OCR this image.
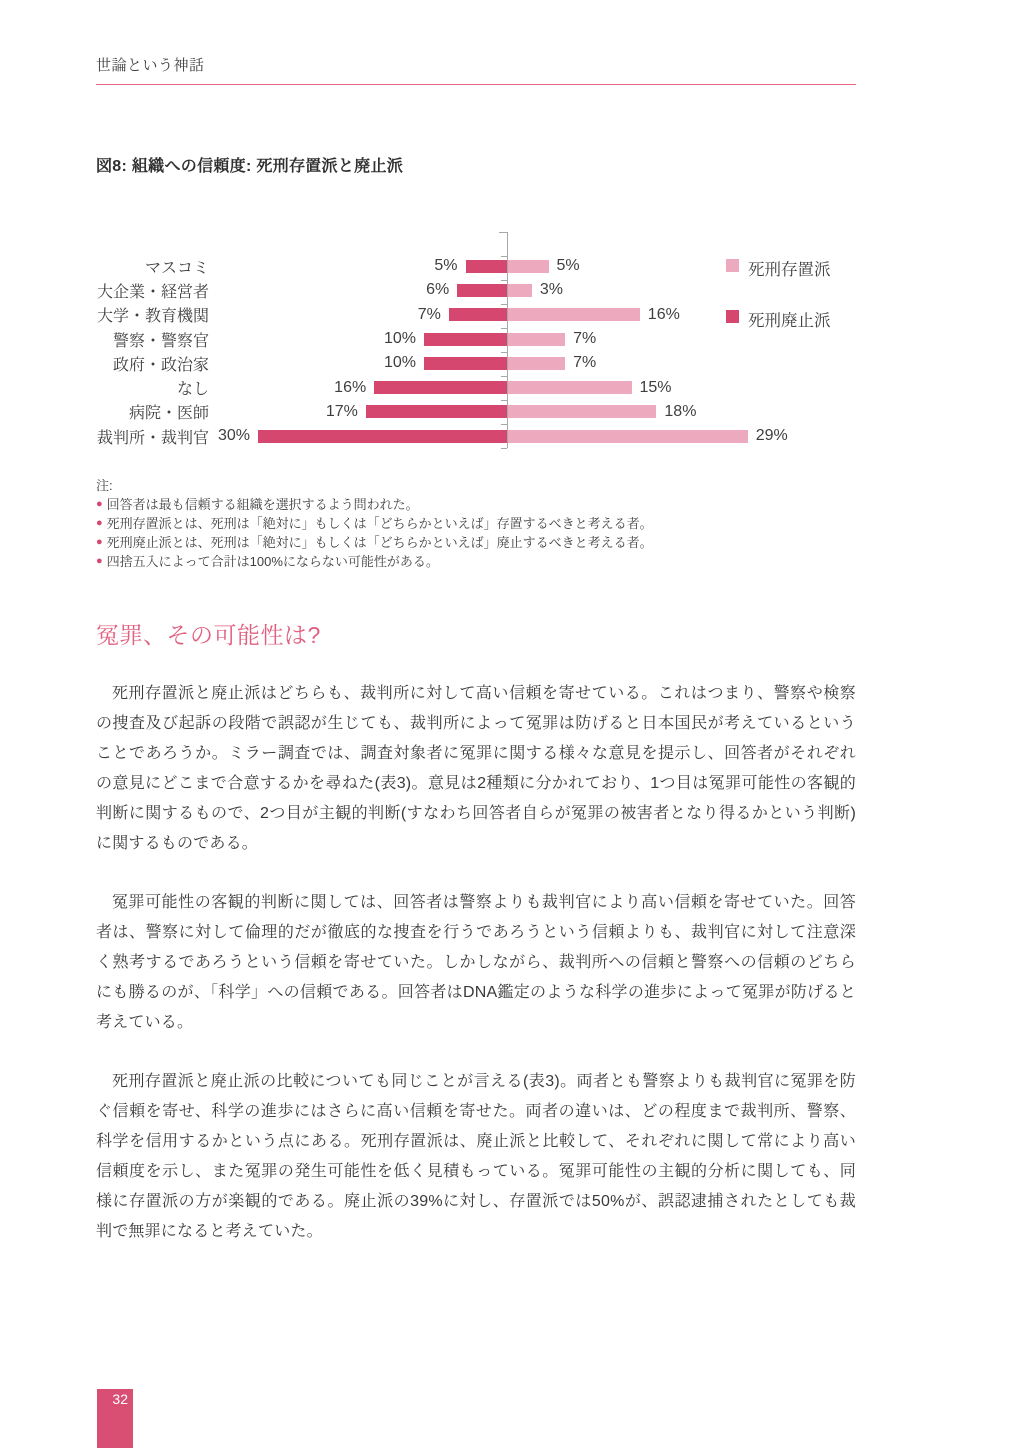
世論という神話
図8: 組織への信頼度: 死刑存置派と廃止派
マスコミ	5%	5%
大企業・経営者	6%	3%
大学・教育機関	7%	16%
警察・警察官	10%	7%
政府・政治家	10%	7%
なし	16%	15%
病院・医師	17%	18%
裁判所・裁判官 30%	29%
死刑存置派
死刑廃止派
注:
● 回答者は最も信頼する組織を選択するよう問われた。
● 死刑存置派とは、死刑は「絶対に」もしくは「どちらかといえば」存置するべきと考える者。
● 死刑廃止派とは、死刑は「絶対に」もしくは「どちらかといえば」廃止するべきと考える者。
● 四捨五入によって合計は100%にならない可能性がある。
冤罪、その可能性は?
死刑存置派と廃止派はどちらも、裁判所に対して高い信頼を寄せている。これはつまり、警察や検察の捜査及び起訴の段階で誤認が生じても、裁判所によって冤罪は防げると日本国民が考えているということであろうか。ミラー調査では、調査対象者に冤罪に関する様々な意見を提示し、回答者がそれぞれの意見にどこまで合意するかを尋ねた(表3)。意見は2種類に分かれており、1つ目は冤罪可能性の客観的判断に関するもので、2つ目が主観的判断(すなわち回答者自らが冤罪の被害者となり得るかという判断)に関するものである。
冤罪可能性の客観的判断に関しては、回答者は警察よりも裁判官により高い信頼を寄せていた。回答者は、警察に対して倫理的だが徹底的な捜査を行うであろうという信頼よりも、裁判官に対して注意深く熟考するであろうという信頼を寄せていた。しかしながら、裁判所への信頼と警察への信頼のどちらにも勝るのが、「科学」への信頼である。回答者はDNA鑑定のような科学の進歩によって冤罪が防げると考えている。
死刑存置派と廃止派の比較についても同じことが言える(表3)。両者とも警察よりも裁判官に冤罪を防ぐ信頼を寄せ、科学の進歩にはさらに高い信頼を寄せた。両者の違いは、どの程度まで裁判所、警察、科学を信用するかという点にある。死刑存置派は、廃止派と比較して、それぞれに関して常により高い信頼度を示し、また冤罪の発生可能性を低く見積もっている。冤罪可能性の主観的分析に関しても、同様に存置派の方が楽観的である。廃止派の39%に対し、存置派では50%が、誤認逮捕されたとしても裁判で無罪になると考えていた。
32
